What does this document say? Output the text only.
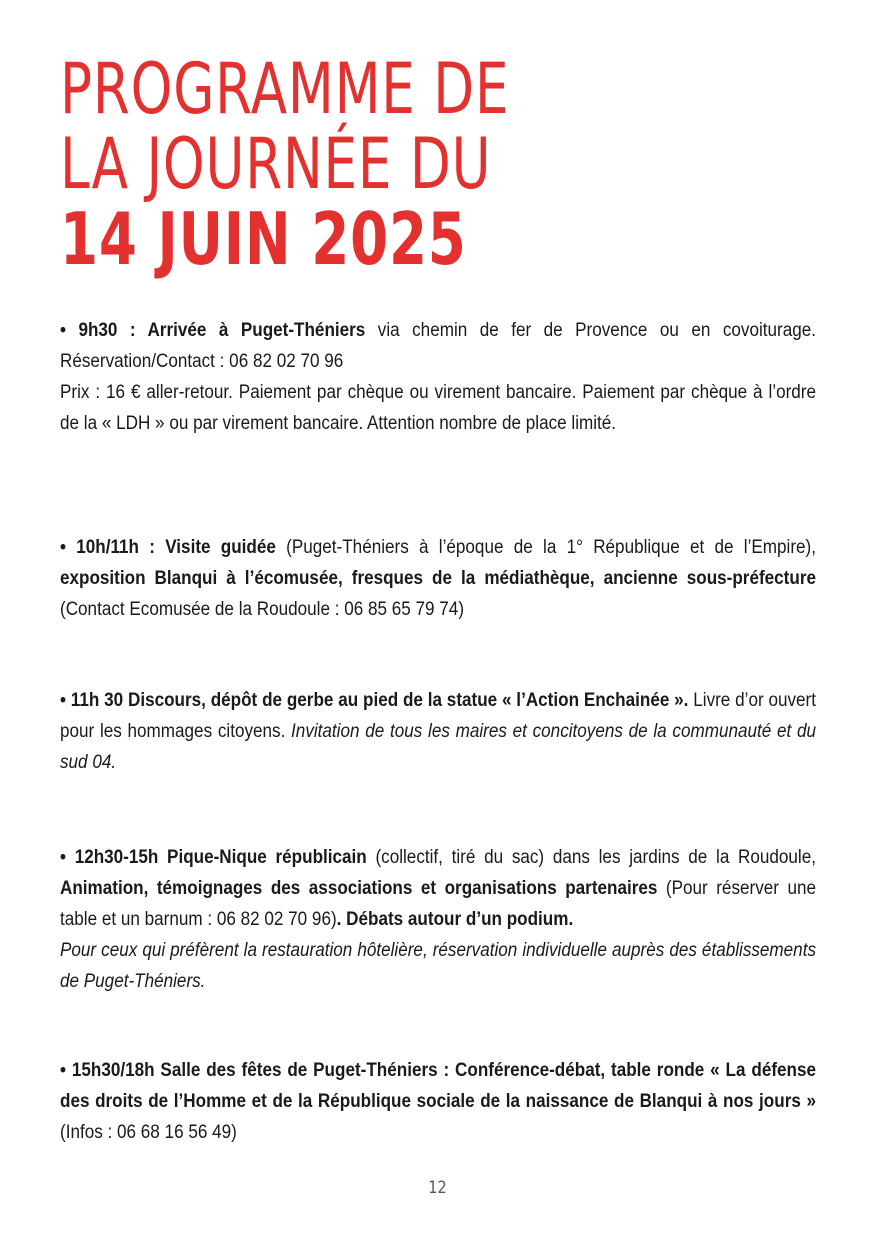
PROGRAMME DE
LA JOURNÉE DU
14 JUIN 2025
• 9h30 : Arrivée à Puget-Théniers via chemin de fer de Provence ou en covoiturage. Réservation/Contact : 06 82 02 70 96
Prix : 16 € aller-retour. Paiement par chèque ou virement bancaire. Paiement par chèque à l’ordre de la « LDH » ou par virement bancaire. Attention nombre de place limité.
• 10h/11h : Visite guidée (Puget-Théniers à l’époque de la 1° République et de l’Empire), exposition Blanqui à l’écomusée, fresques de la médiathèque, ancienne sous-préfecture (Contact Ecomusée de la Roudoule : 06 85 65 79 74)
• 11h 30 Discours, dépôt de gerbe au pied de la statue « l’Action Enchainée ». Livre d’or ouvert pour les hommages citoyens. Invitation de tous les maires et concitoyens de la communauté et du sud 04.
• 12h30-15h Pique-Nique républicain (collectif, tiré du sac) dans les jardins de la Roudoule, Animation, témoignages des associations et organisations partenaires (Pour réserver une table et un barnum : 06 82 02 70 96). Débats autour d’un podium.
Pour ceux qui préfèrent la restauration hôtelière, réservation individuelle auprès des établissements de Puget-Théniers.
• 15h30/18h Salle des fêtes de Puget-Théniers : Conférence-débat, table ronde « La défense des droits de l’Homme et de la République sociale de la naissance de Blanqui à nos jours » (Infos : 06 68 16 56 49)
12
